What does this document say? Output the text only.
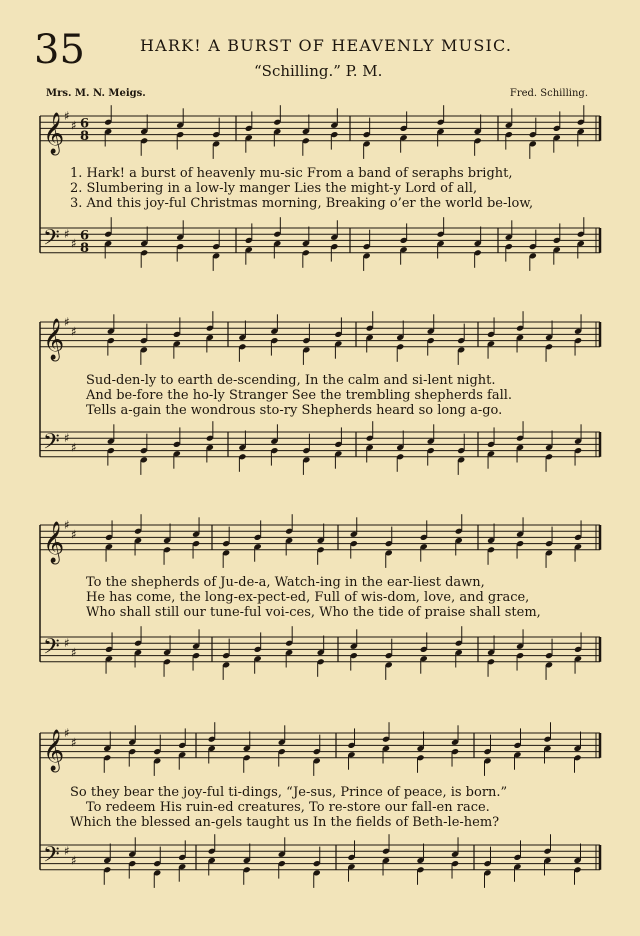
35	HARK! A BURST OF HEAVENLY MUSIC.
“Schilling.” P. M.
Mrs. M. N. Meigs.	Fred. Schilling.
𝄞 ♯
♯ 6
8
𝄢 ♯
♯
6
8
𝄞 ♯
♯
𝄢 ♯
♯
𝄞 ♯
♯
𝄢 ♯
♯
𝄞 ♯
♯
𝄢 ♯
♯
1. Hark! a burst of heavenly mu-sic From a band of seraphs bright,
2. Slumbering in a low-ly manger Lies the might-y Lord of all,
3. And this joy-ful Christmas morning, Breaking o’er the world be-low,
Sud-den-ly to earth de-scending, In the calm and si-lent night.
And be-fore the ho-ly Stranger See the trembling shepherds fall.
Tells a-gain the wondrous sto-ry Shepherds heard so long a-go.
To the shepherds of Ju-de-a, Watch-ing in the ear-liest dawn,
He has come, the long-ex-pect-ed, Full of wis-dom, love, and grace,
Who shall still our tune-ful voi-ces, Who the tide of praise shall stem,
So they bear the joy-ful ti-dings, “Je-sus, Prince of peace, is born.”
To redeem His ruin-ed creatures, To re-store our fall-en race.
Which the blessed an-gels taught us In the fields of Beth-le-hem?
